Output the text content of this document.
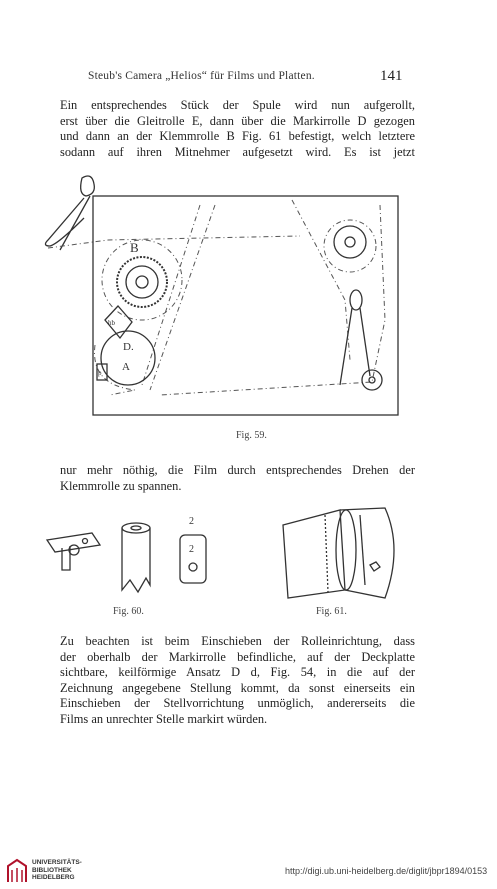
Steub's Camera „Helios“ für Films und Platten.	141
Ein entsprechendes Stück der Spule wird nun aufgerollt,
erst über die Gleitrolle E, dann über die Markirrolle D gezogen
und dann an der Klemmrolle B Fig. 61 befestigt, welch letztere
sodann auf ihren Mitnehmer aufgesetzt wird. Es ist jetzt
B
hb
D.
A
p
Fig. 59.
nur mehr nöthig, die Film durch entsprechendes Drehen der
Klemmrolle zu spannen.
2
2
Fig. 60.	Fig. 61.
Zu beachten ist beim Einschieben der Rolleinrichtung, dass
der oberhalb der Markirrolle befindliche, auf der Deckplatte
sichtbare, keilförmige Ansatz D d, Fig. 54, in die auf der
Zeichnung angegebene Stellung kommt, da sonst einerseits ein
Einschieben der Stellvorrichtung unmöglich, andererseits die
Films an unrechter Stelle markirt würden.
UNIVERSITÄTS-
BIBLIOTHEK
HEIDELBERG
http://digi.ub.uni-heidelberg.de/diglit/jbpr1894/0153
